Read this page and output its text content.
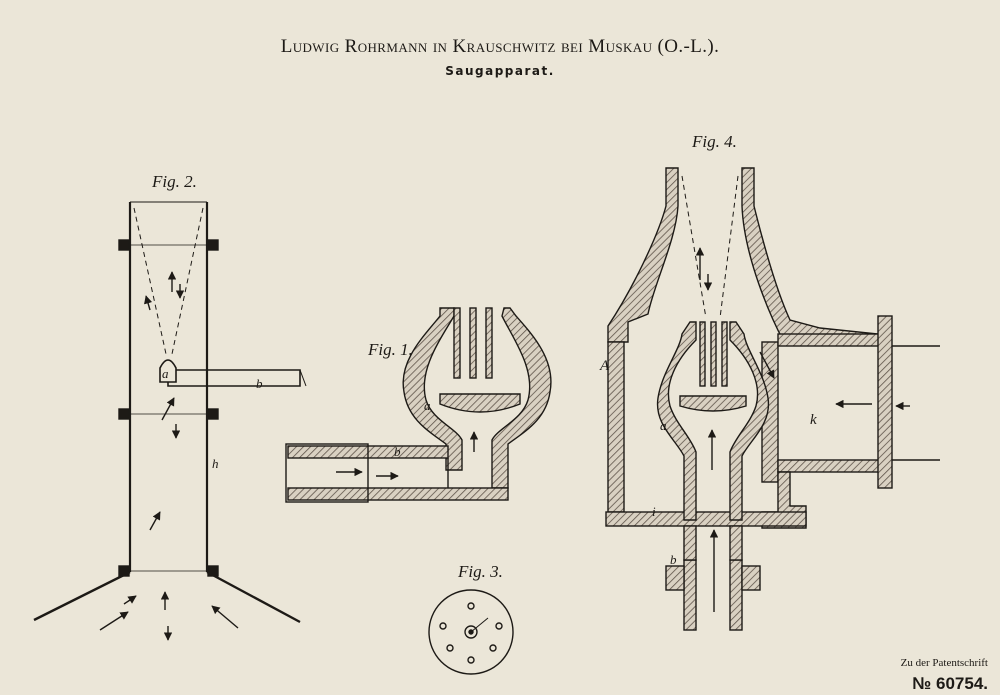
Ludwig Rohrmann in Krauschwitz bei Muskau (O.-L.).
Saugapparat.
Fig. 2.
Fig. 1.
Fig. 3.
Fig. 4.
a
b
h
b
a
A
k
a
b
i
Zu der Patentschrift
№ 60754.
